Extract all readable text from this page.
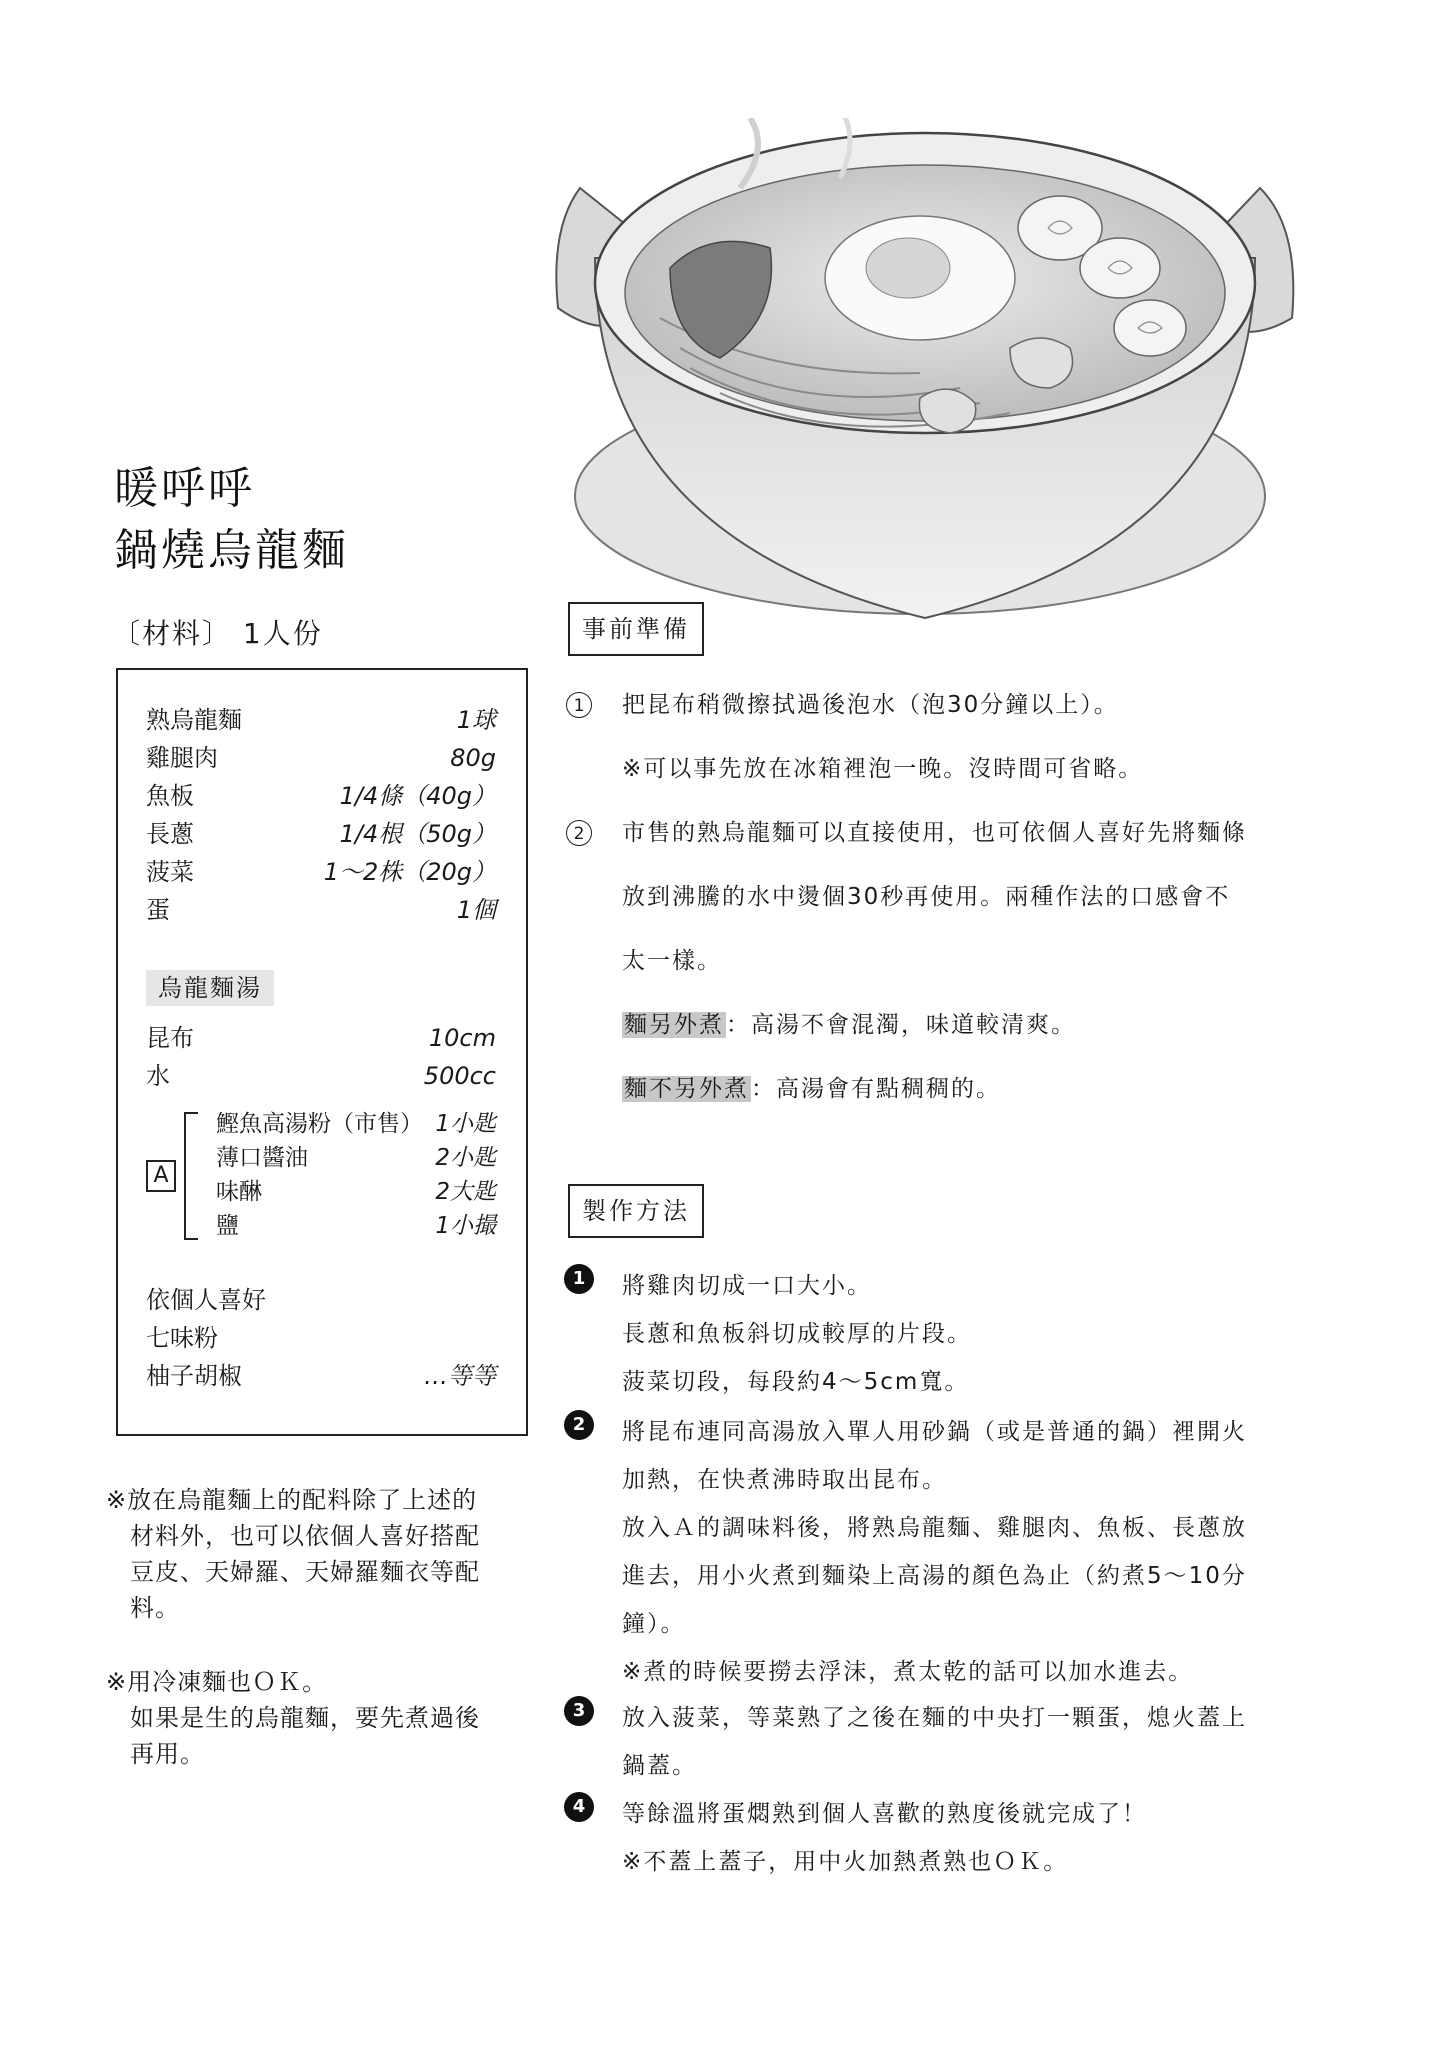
暖呼呼
鍋燒烏龍麵
〔材料〕 1人份
熟烏龍麵	1球
雞腿肉	80g
魚板	1/4條（40g）
長蔥	1/4根（50g）
菠菜	1～2株（20g）
蛋	1個
烏龍麵湯
昆布	10cm
水	500cc
A
鰹魚高湯粉（市售） 1小匙
薄口醬油	2小匙
味醂	2大匙
鹽	1小撮
依個人喜好
七味粉
柚子胡椒	…等等
※放在烏龍麵上的配料除了上述的
材料外，也可以依個人喜好搭配
豆皮、天婦羅、天婦羅麵衣等配
料。
※用冷凍麵也ＯＫ。
如果是生的烏龍麵，要先煮過後
再用。
事前準備
1	把昆布稍微擦拭過後泡水（泡30分鐘以上）。
※可以事先放在冰箱裡泡一晚。沒時間可省略。
2	市售的熟烏龍麵可以直接使用，也可依個人喜好先將麵條
放到沸騰的水中燙個30秒再使用。兩種作法的口感會不
太一樣。
麵另外煮：高湯不會混濁，味道較清爽。
麵不另外煮：高湯會有點稠稠的。
製作方法
1	將雞肉切成一口大小。
長蔥和魚板斜切成較厚的片段。
菠菜切段，每段約4～5cm寬。
2	將昆布連同高湯放入單人用砂鍋（或是普通的鍋）裡開火
加熱，在快煮沸時取出昆布。
放入Ａ的調味料後，將熟烏龍麵、雞腿肉、魚板、長蔥放
進去，用小火煮到麵染上高湯的顏色為止（約煮5～10分
鐘）。
※煮的時候要撈去浮沫，煮太乾的話可以加水進去。
3	放入菠菜，等菜熟了之後在麵的中央打一顆蛋，熄火蓋上
鍋蓋。
4	等餘溫將蛋燜熟到個人喜歡的熟度後就完成了！
※不蓋上蓋子，用中火加熱煮熟也ＯＫ。
